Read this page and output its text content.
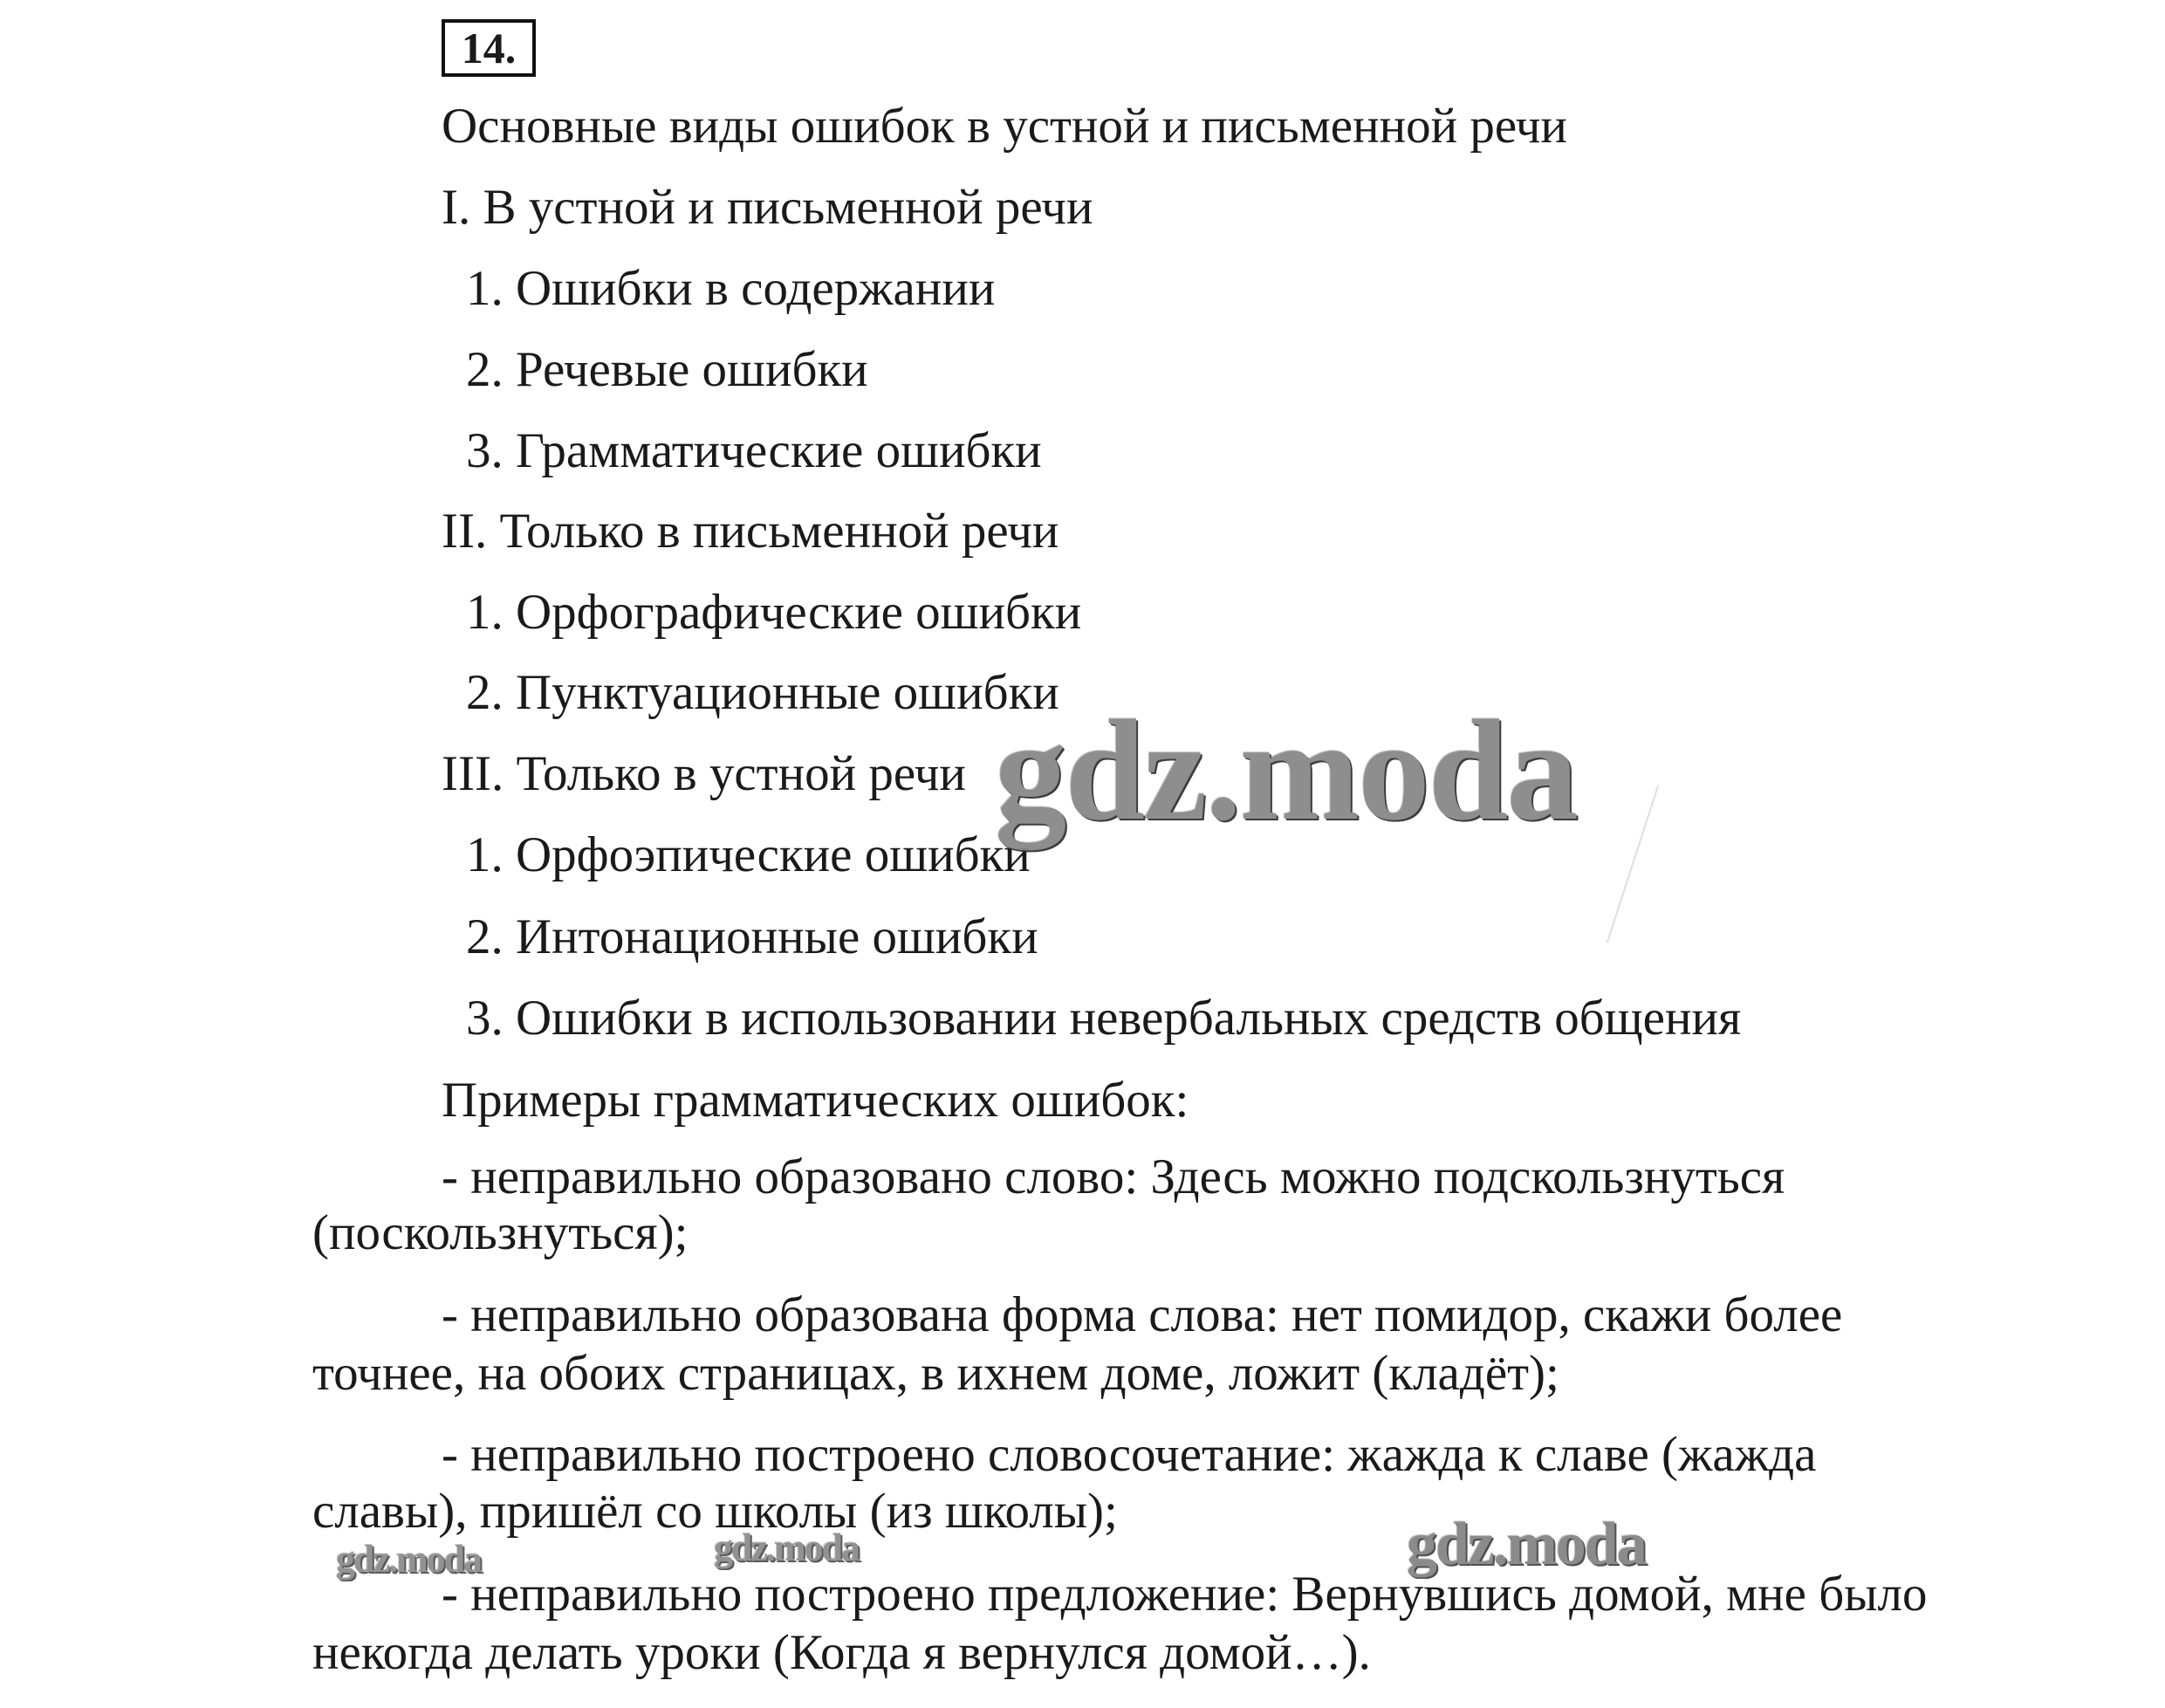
14.
Основные виды ошибок в устной и письменной речи
I. В устной и письменной речи
1. Ошибки в содержании
2. Речевые ошибки
3. Грамматические ошибки
II. Только в письменной речи
1. Орфографические ошибки
2. Пунктуационные ошибки
III. Только в устной речи
1. Орфоэпические ошибки
2. Интонационные ошибки
3. Ошибки в использовании невербальных средств общения
Примеры грамматических ошибок:
- неправильно образовано слово: Здесь можно подскользнуться
(поскользнуться);
- неправильно образована форма слова: нет помидор, скажи более
точнее, на обоих страницах, в ихнем доме, ложит (кладёт);
- неправильно построено словосочетание: жажда к славе (жажда
славы), пришёл со школы (из школы);
- неправильно построено предложение: Вернувшись домой, мне было
некогда делать уроки (Когда я вернулся домой…).
gdz.moda
gdz.moda	gdz.moda	gdz.moda
